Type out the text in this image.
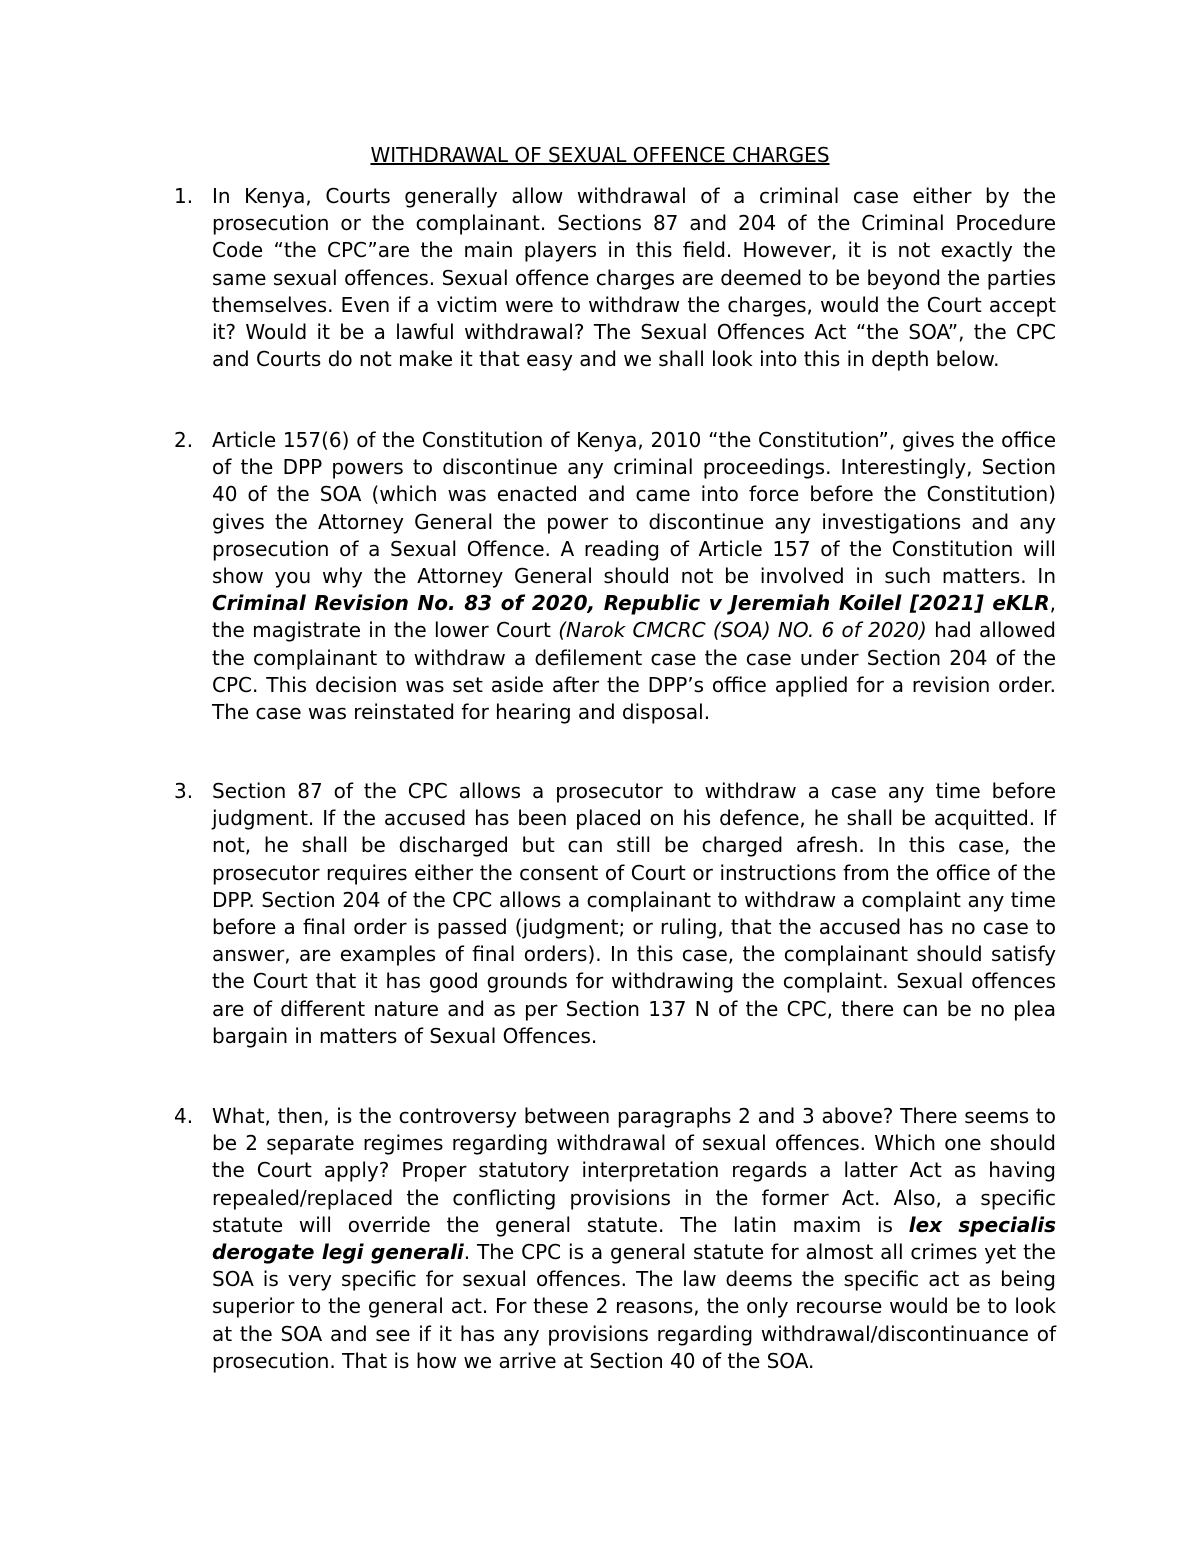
WITHDRAWAL OF SEXUAL OFFENCE CHARGES
1. In Kenya, Courts generally allow withdrawal of a criminal case either by the prosecution or the complainant. Sections 87 and 204 of the Criminal Procedure Code “the CPC”are the main players in this field. However, it is not exactly the same sexual offences. Sexual offence charges are deemed to be beyond the parties themselves. Even if a victim were to withdraw the charges, would the Court accept it? Would it be a lawful withdrawal? The Sexual Offences Act “the SOA”, the CPC and Courts do not make it that easy and we shall look into this in depth below.

2. Article 157(6) of the Constitution of Kenya, 2010 “the Constitution”, gives the office of the DPP powers to discontinue any criminal proceedings. Interestingly, Section 40 of the SOA (which was enacted and came into force before the Constitution) gives the Attorney General the power to discontinue any investigations and any prosecution of a Sexual Offence. A reading of Article 157 of the Constitution will show you why the Attorney General should not be involved in such matters. In Criminal Revision No. 83 of 2020, Republic v Jeremiah Koilel [2021] eKLR, the magistrate in the lower Court (Narok CMCRC (SOA) NO. 6 of 2020) had allowed the complainant to withdraw a defilement case the case under Section 204 of the CPC. This decision was set aside after the DPP’s office applied for a revision order. The case was reinstated for hearing and disposal.

3. Section 87 of the CPC allows a prosecutor to withdraw a case any time before judgment. If the accused has been placed on his defence, he shall be acquitted. If not, he shall be discharged but can still be charged afresh. In this case, the prosecutor requires either the consent of Court or instructions from the office of the DPP. Section 204 of the CPC allows a complainant to withdraw a complaint any time before a final order is passed (judgment; or ruling, that the accused has no case to answer, are examples of final orders). In this case, the complainant should satisfy the Court that it has good grounds for withdrawing the complaint. Sexual offences are of different nature and as per Section 137 N of the CPC, there can be no plea bargain in matters of Sexual Offences.

4. What, then, is the controversy between paragraphs 2 and 3 above? There seems to be 2 separate regimes regarding withdrawal of sexual offences. Which one should the Court apply? Proper statutory interpretation regards a latter Act as having repealed/replaced the conflicting provisions in the former Act. Also, a specific statute will override the general statute. The latin maxim is lex specialis derogate legi generali. The CPC is a general statute for almost all crimes yet the SOA is very specific for sexual offences. The law deems the specific act as being superior to the general act. For these 2 reasons, the only recourse would be to look at the SOA and see if it has any provisions regarding withdrawal/discontinuance of prosecution. That is how we arrive at Section 40 of the SOA.
